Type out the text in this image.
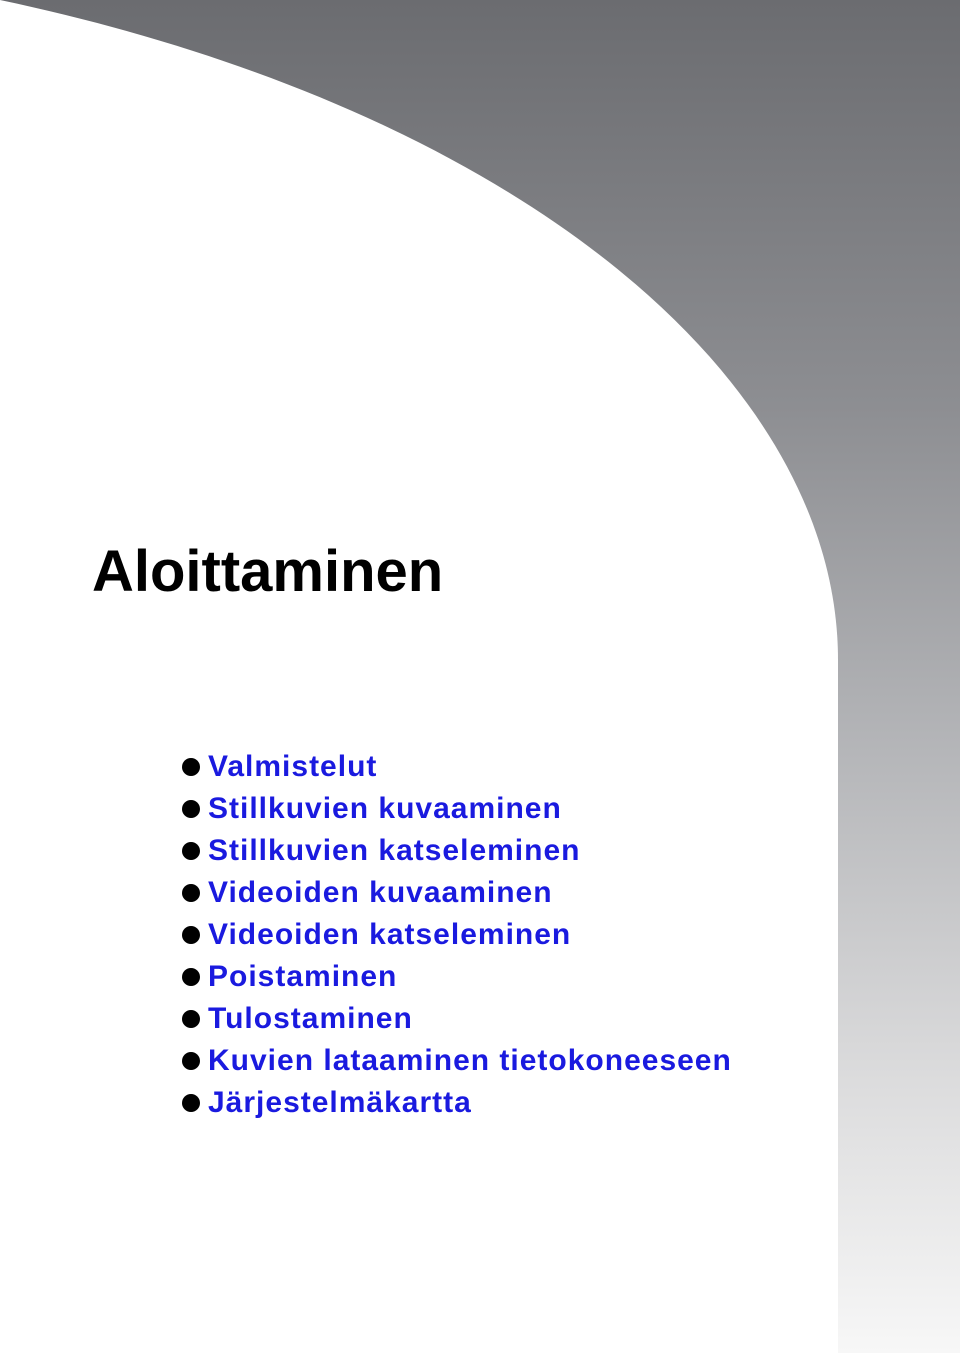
Aloittaminen
Valmistelut
Stillkuvien kuvaaminen
Stillkuvien katseleminen
Videoiden kuvaaminen
Videoiden katseleminen
Poistaminen
Tulostaminen
Kuvien lataaminen tietokoneeseen
Järjestelmäkartta
